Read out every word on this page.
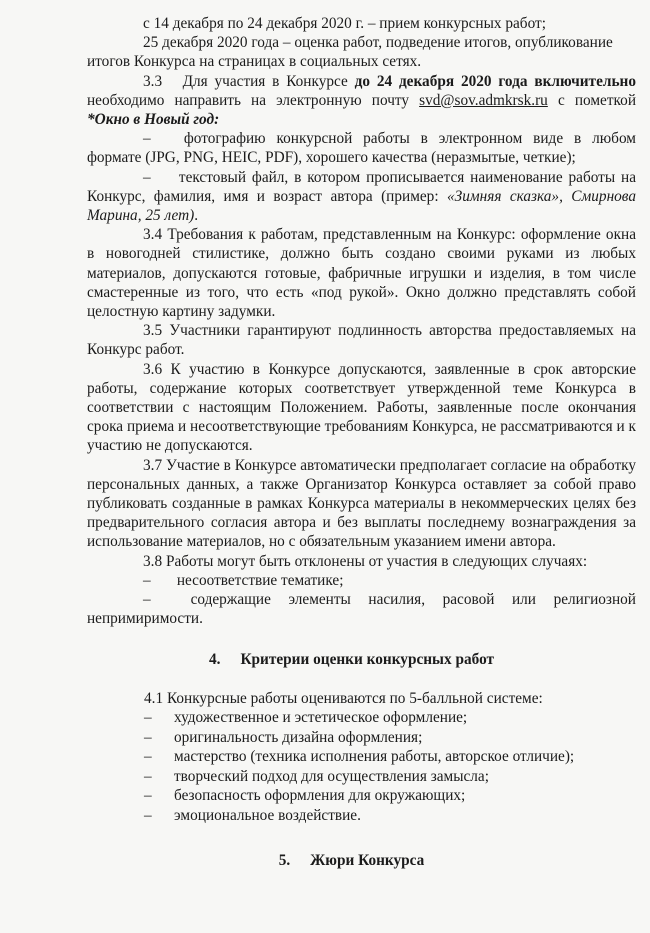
с 14 декабря по 24 декабря 2020 г. – прием конкурсных работ;

25 декабря 2020 года – оценка работ, подведение итогов, опубликование

итогов Конкурса на страницах в социальных сетях.

3.3 Для участия в Конкурсе до 24 декабря 2020 года включительно необходимо направить на электронную почту svd@sov.admkrsk.ru с пометкой *Окно в Новый год:

– фотографию конкурсной работы в электронном виде в любом формате (JPG, PNG, HEIC, PDF), хорошего качества (неразмытые, четкие);

– текстовый файл, в котором прописывается наименование работы на Конкурс, фамилия, имя и возраст автора (пример: «Зимняя сказка», Смирнова Марина, 25 лет).

3.4 Требования к работам, представленным на Конкурс: оформление окна в новогодней стилистике, должно быть создано своими руками из любых материалов, допускаются готовые, фабричные игрушки и изделия, в том числе смастеренные из того, что есть «под рукой». Окно должно представлять собой целостную картину задумки.

3.5 Участники гарантируют подлинность авторства предоставляемых на Конкурс работ.

3.6 К участию в Конкурсе допускаются, заявленные в срок авторские работы, содержание которых соответствует утвержденной теме Конкурса в соответствии с настоящим Положением. Работы, заявленные после окончания срока приема и несоответствующие требованиям Конкурса, не рассматриваются и к участию не допускаются.

3.7 Участие в Конкурсе автоматически предполагает согласие на обработку персональных данных, а также Организатор Конкурса оставляет за собой право публиковать созданные в рамках Конкурса материалы в некоммерческих целях без предварительного согласия автора и без выплаты последнему вознаграждения за использование материалов, но с обязательным указанием имени автора.

3.8 Работы могут быть отклонены от участия в следующих случаях:

– несоответствие тематике;

–	содержащие элементы насилия, расовой или религиозной непримиримости.

4. Критерии оценки конкурсных работ

4.1 Конкурсные работы оцениваются по 5-балльной системе:

– художественное и эстетическое оформление;
– оригинальность дизайна оформления;
– мастерство (техника исполнения работы, авторское отличие);
– творческий подход для осуществления замысла;
– безопасность оформления для окружающих;
– эмоциональное воздействие.

5. Жюри Конкурса
